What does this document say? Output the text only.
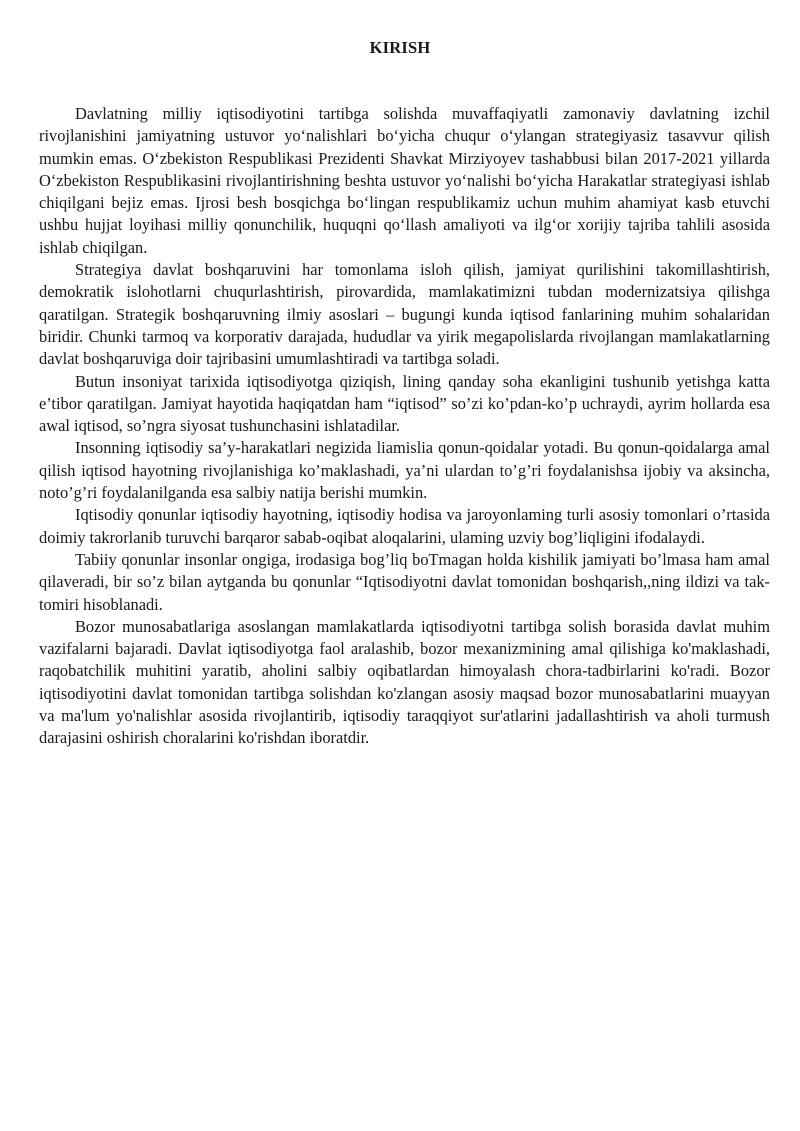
KIRISH

Davlatning milliy iqtisodiyotini tartibga solishda muvaffaqiyatli zamonaviy davlatning izchil rivojlanishini jamiyatning ustuvor yo‘nalishlari bo‘yicha chuqur o‘ylangan strategiyasiz tasavvur qilish mumkin emas. O‘zbekiston Respublikasi Prezidenti Shavkat Mirziyoyev tashabbusi bilan 2017-2021 yillarda O‘zbekiston Respublikasini rivojlantirishning beshta ustuvor yo‘nalishi bo‘yicha Harakatlar strategiyasi ishlab chiqilgani bejiz emas. Ijrosi besh bosqichga bo‘lingan respublikamiz uchun muhim ahamiyat kasb etuvchi ushbu hujjat loyihasi milliy qonunchilik, huquqni qo‘llash amaliyoti va ilg‘or xorijiy tajriba tahlili asosida ishlab chiqilgan.

Strategiya davlat boshqaruvini har tomonlama isloh qilish, jamiyat qurilishini takomillashtirish, demokratik islohotlarni chuqurlashtirish, pirovardida, mamlakatimizni tubdan modernizatsiya qilishga qaratilgan. Strategik boshqaruvning ilmiy asoslari – bugungi kunda iqtisod fanlarining muhim sohalaridan biridir. Chunki tarmoq va korporativ darajada, hududlar va yirik megapolislarda rivojlangan mamlakatlarning davlat boshqaruviga doir tajribasini umumlashtiradi va tartibga soladi.

Butun insoniyat tarixida iqtisodiyotga qiziqish, lining qanday soha ekanligini tushunib yetishga katta e’tibor qaratilgan. Jamiyat hayotida haqiqatdan ham “iqtisod” so’zi ko’pdan-ko’p uchraydi, ayrim hollarda esa awal iqtisod, so’ngra siyosat tushunchasini ishlatadilar.

Insonning iqtisodiy sa’y-harakatlari negizida liamislia qonun-qoidalar yotadi. Bu qonun-qoidalarga amal qilish iqtisod hayotning rivojlanishiga ko’maklashadi, ya’ni ulardan to’g’ri foydalanishsa ijobiy va aksincha, noto’g’ri foydalanilganda esa salbiy natija berishi mumkin.

Iqtisodiy qonunlar iqtisodiy hayotning, iqtisodiy hodisa va jaroyonlaming turli asosiy tomonlari o’rtasida doimiy takrorlanib turuvchi barqaror sabab-oqibat aloqalarini, ulaming uzviy bog’liqligini ifodalaydi.

Tabiiy qonunlar insonlar ongiga, irodasiga bog’liq boTmagan holda kishilik jamiyati bo’lmasa ham amal qilaveradi, bir so’z bilan aytganda bu qonunlar “Iqtisodiyotni davlat tomonidan boshqarish,,ning ildizi va tak-tomiri hisoblanadi.

Bozor munosabatlariga asoslangan mamlakatlarda iqtisodiyotni tartibga solish borasida davlat muhim vazifalarni bajaradi. Davlat iqtisodiyotga faol aralashib, bozor mexanizmining amal qilishiga ko'maklashadi, raqobatchilik muhitini yaratib, aholini salbiy oqibatlardan himoyalash chora-tadbirlarini ko'radi. Bozor iqtisodiyotini davlat tomonidan tartibga solishdan ko'zlangan asosiy maqsad bozor munosabatlarini muayyan va ma'lum yo'nalishlar asosida rivojlantirib, iqtisodiy taraqqiyot sur'atlarini jadallashtirish va aholi turmush darajasini oshirish choralarini ko'rishdan iboratdir.
